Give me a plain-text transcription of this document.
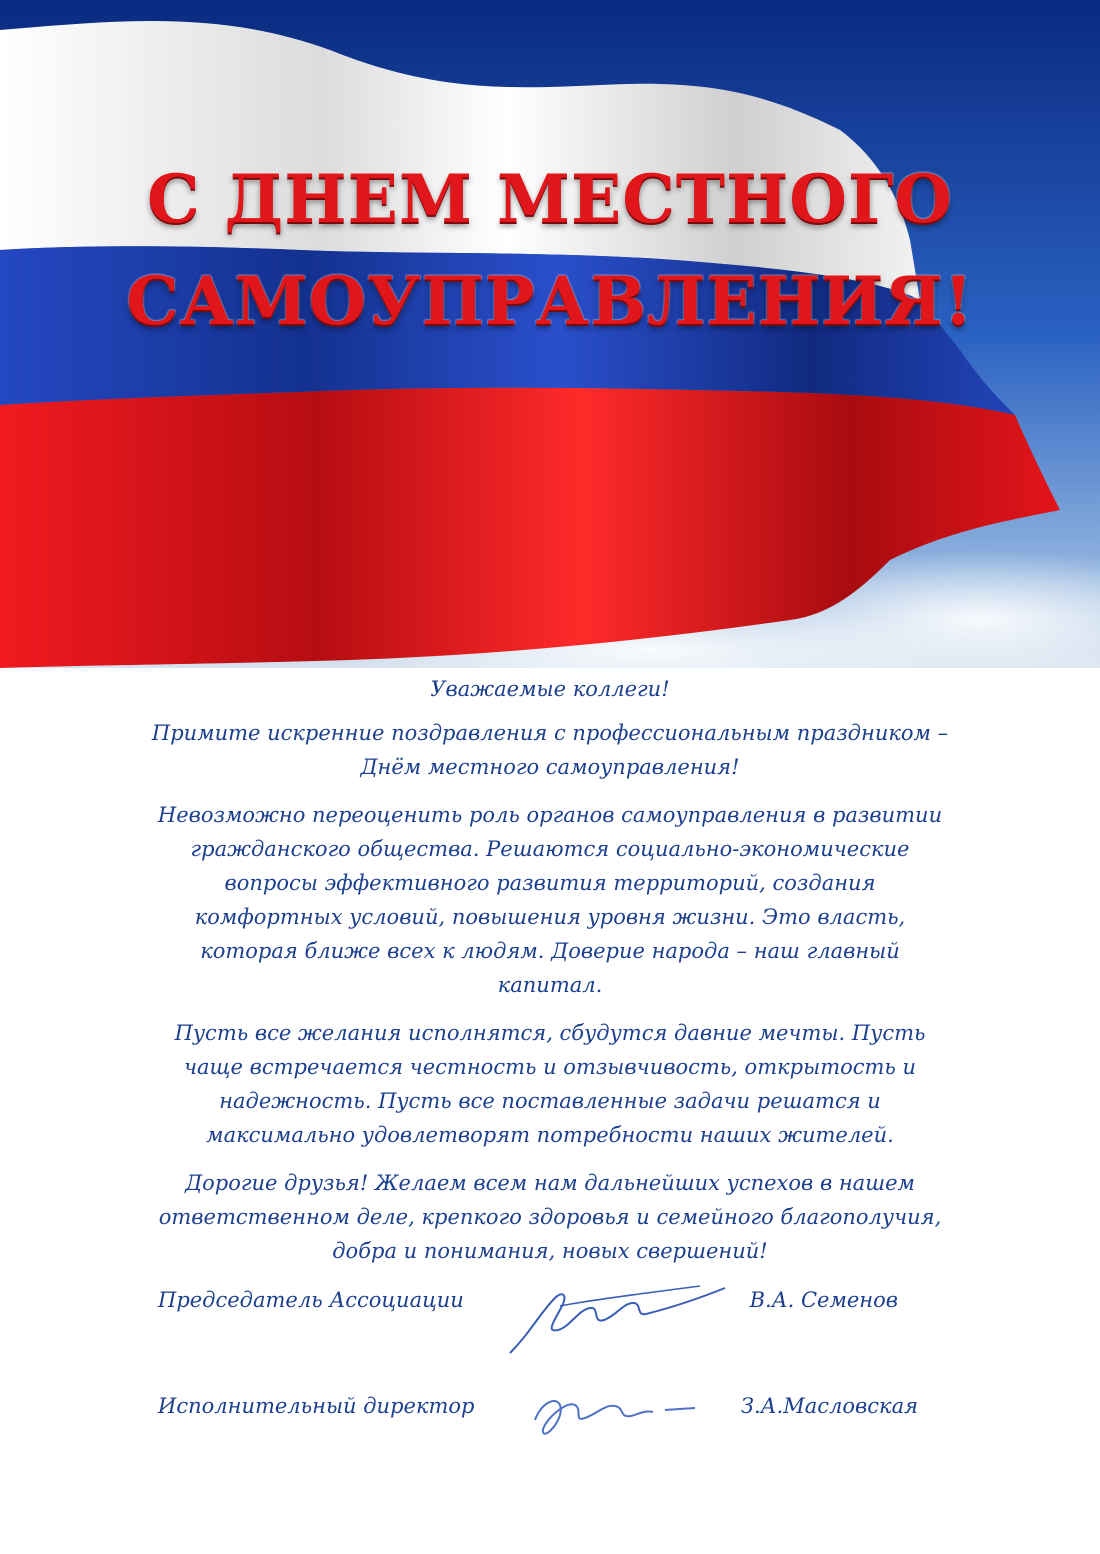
С ДНЕМ МЕСТНОГО
САМОУПРАВЛЕНИЯ!

Уважаемые коллеги!

Примите искренние поздравления с профессиональным праздником – Днём местного самоуправления!

Невозможно переоценить роль органов самоуправления в развитии гражданского общества. Решаются социально-экономические вопросы эффективного развития территорий, создания комфортных условий, повышения уровня жизни. Это власть, которая ближе всех к людям. Доверие народа – наш главный капитал.

Пусть все желания исполнятся, сбудутся давние мечты. Пусть чаще встречается честность и отзывчивость, открытость и надежность. Пусть все поставленные задачи решатся и максимально удовлетворят потребности наших жителей.

Дорогие друзья! Желаем всем нам дальнейших успехов в нашем ответственном деле, крепкого здоровья и семейного благополучия, добра и понимания, новых свершений!

Председатель Ассоциации	В.А. Семенов
Исполнительный директор	З.А.Масловская
